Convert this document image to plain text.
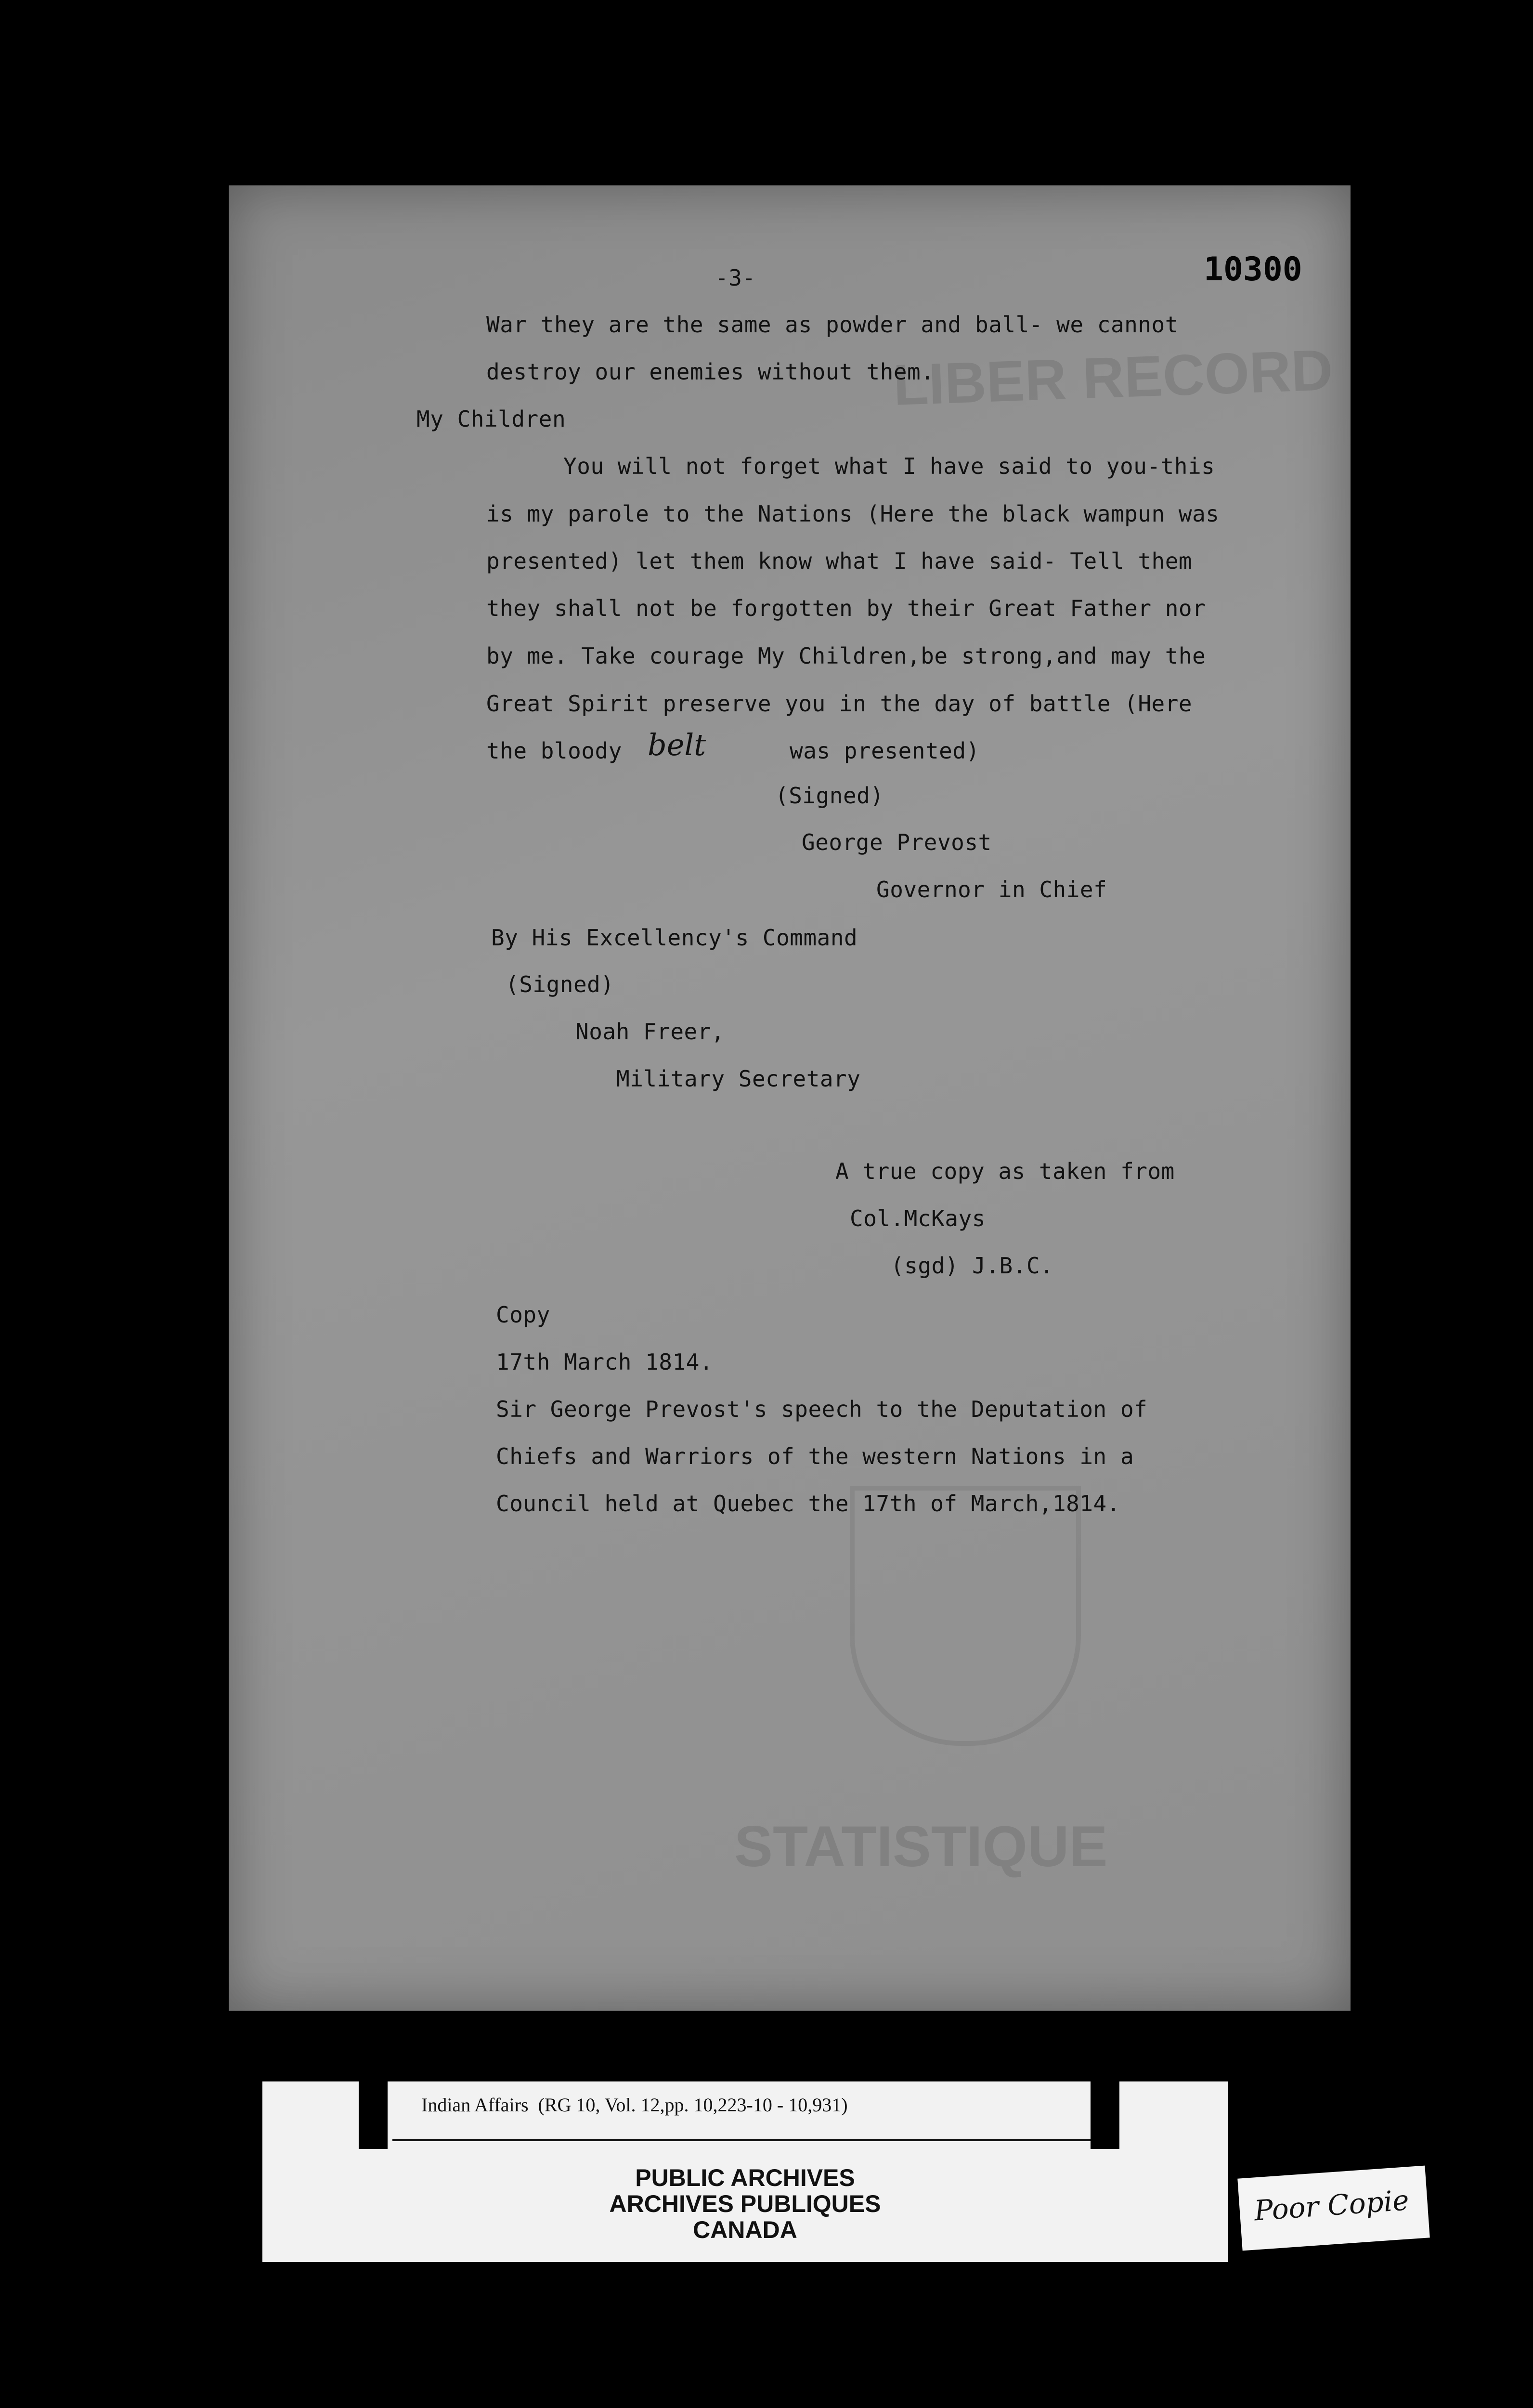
LIBER RECORD
STATISTIQUE
-3-	10300
War they are the same as powder and ball- we cannot
destroy our enemies without them.
My Children
You will not forget what I have said to you-this
is my parole to the Nations (Here the black wampun was
presented) let them know what I have said- Tell them
they shall not be forgotten by their Great Father nor
by me. Take courage My Children,be strong,and may the
Great Spirit preserve you in the day of battle (Here
the bloody belt	was presented)
(Signed)
George Prevost
Governor in Chief
By His Excellency's Command
(Signed)
Noah Freer,
Military Secretary
A true copy as taken from
Col.McKays
(sgd) J.B.C.
Copy
17th March 1814.
Sir George Prevost's speech to the Deputation of
Chiefs and Warriors of the western Nations in a
Council held at Quebec the 17th of March,1814.
Indian Affairs  (RG 10, Vol. 12,pp. 10,223-10 - 10,931)
PUBLIC ARCHIVES
ARCHIVES PUBLIQUES
CANADA
Poor Copie
